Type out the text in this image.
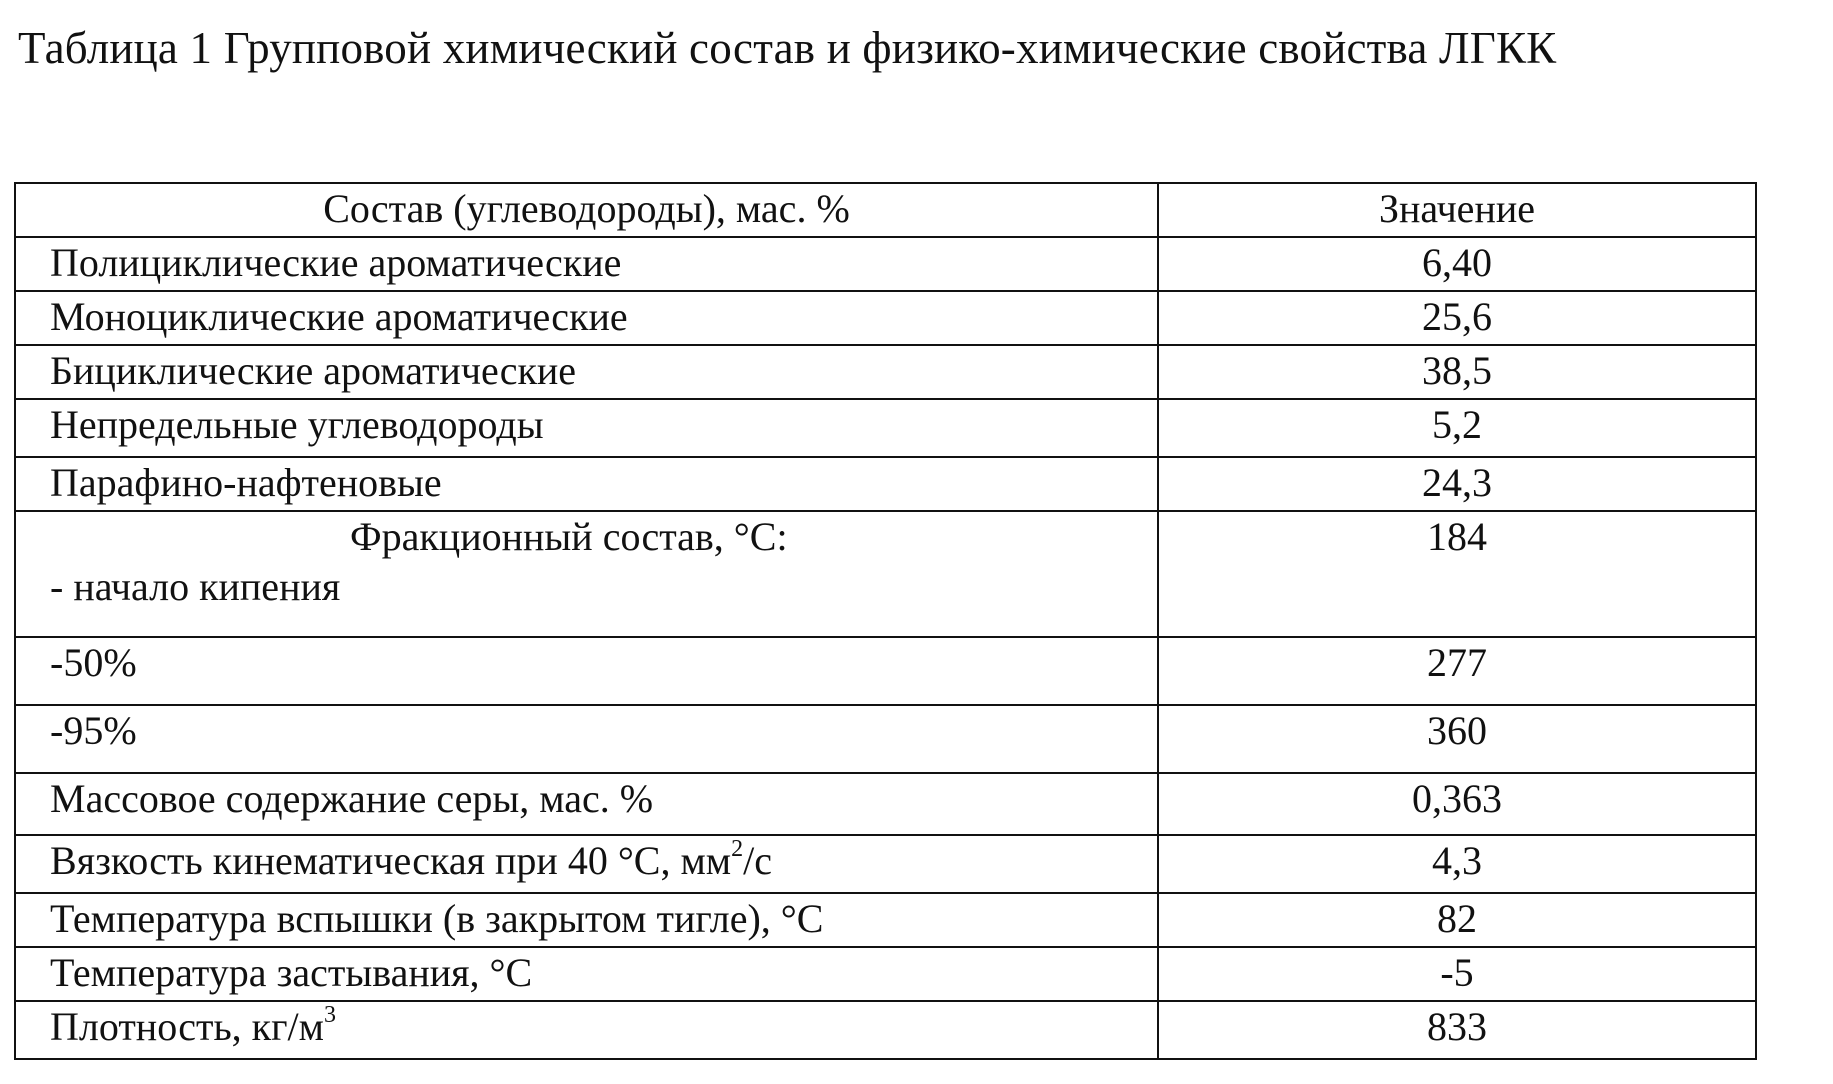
Таблица 1 Групповой химический состав и физико-химические свойства ЛГКК
Состав (углеводороды), мас. %	Значение
Полициклические ароматические	6,40
Моноциклические ароматические	25,6
Бициклические ароматические	38,5
Непредельные углеводороды	5,2
Парафино-нафтеновые	24,3

Фракционный состав, °С:
- начало кипения	184
-50%	277
-95%	360
Массовое содержание серы, мас. %	0,363
Вязкость кинематическая при 40 °С, $мм^2/с$	4,3
Температура вспышки (в закрытом тигле), °С	82
Температура застывания, °С	-5
Плотность, $кг/м^3$	833
